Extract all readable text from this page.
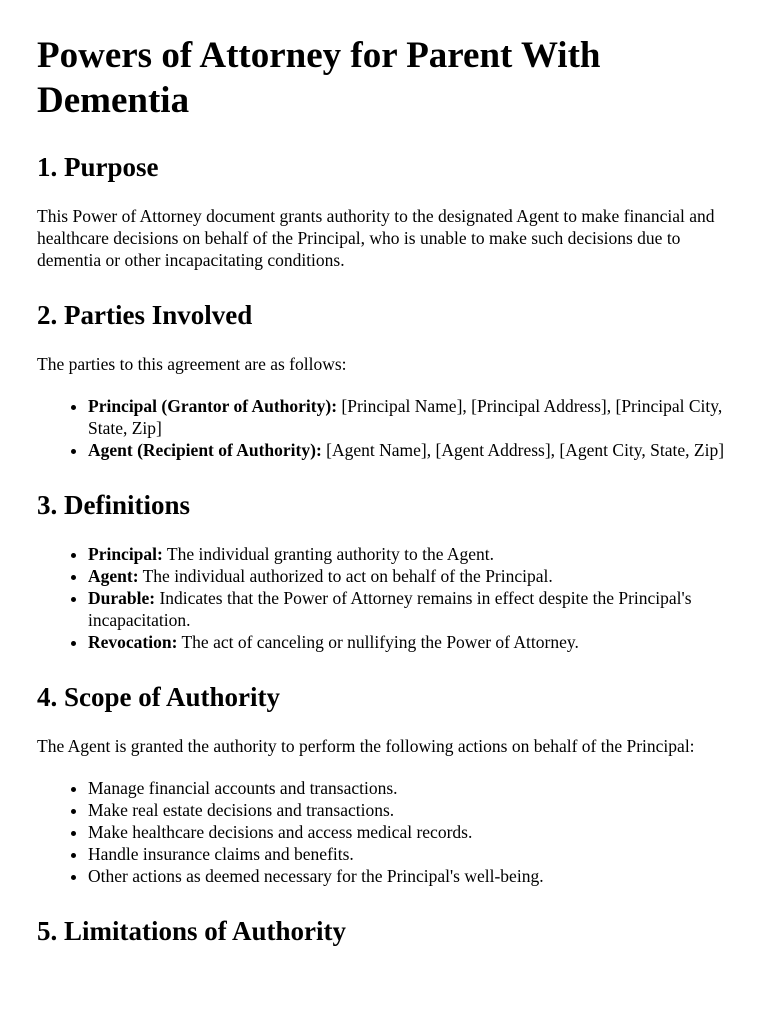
Powers of Attorney for Parent With Dementia
1. Purpose

This Power of Attorney document grants authority to the designated Agent to make financial and healthcare decisions on behalf of the Principal, who is unable to make such decisions due to dementia or other incapacitating conditions.

2. Parties Involved

The parties to this agreement are as follows:

• Principal (Grantor of Authority): [Principal Name], [Principal Address], [Principal City, State, Zip]
• Agent (Recipient of Authority): [Agent Name], [Agent Address], [Agent City, State, Zip]
3. Definitions
• Principal: The individual granting authority to the Agent.
• Agent: The individual authorized to act on behalf of the Principal.
• Durable: Indicates that the Power of Attorney remains in effect despite the Principal's incapacitation.
• Revocation: The act of canceling or nullifying the Power of Attorney.
4. Scope of Authority

The Agent is granted the authority to perform the following actions on behalf of the Principal:

• Manage financial accounts and transactions.
• Make real estate decisions and transactions.
• Make healthcare decisions and access medical records.
• Handle insurance claims and benefits.
• Other actions as deemed necessary for the Principal's well-being.
5. Limitations of Authority
